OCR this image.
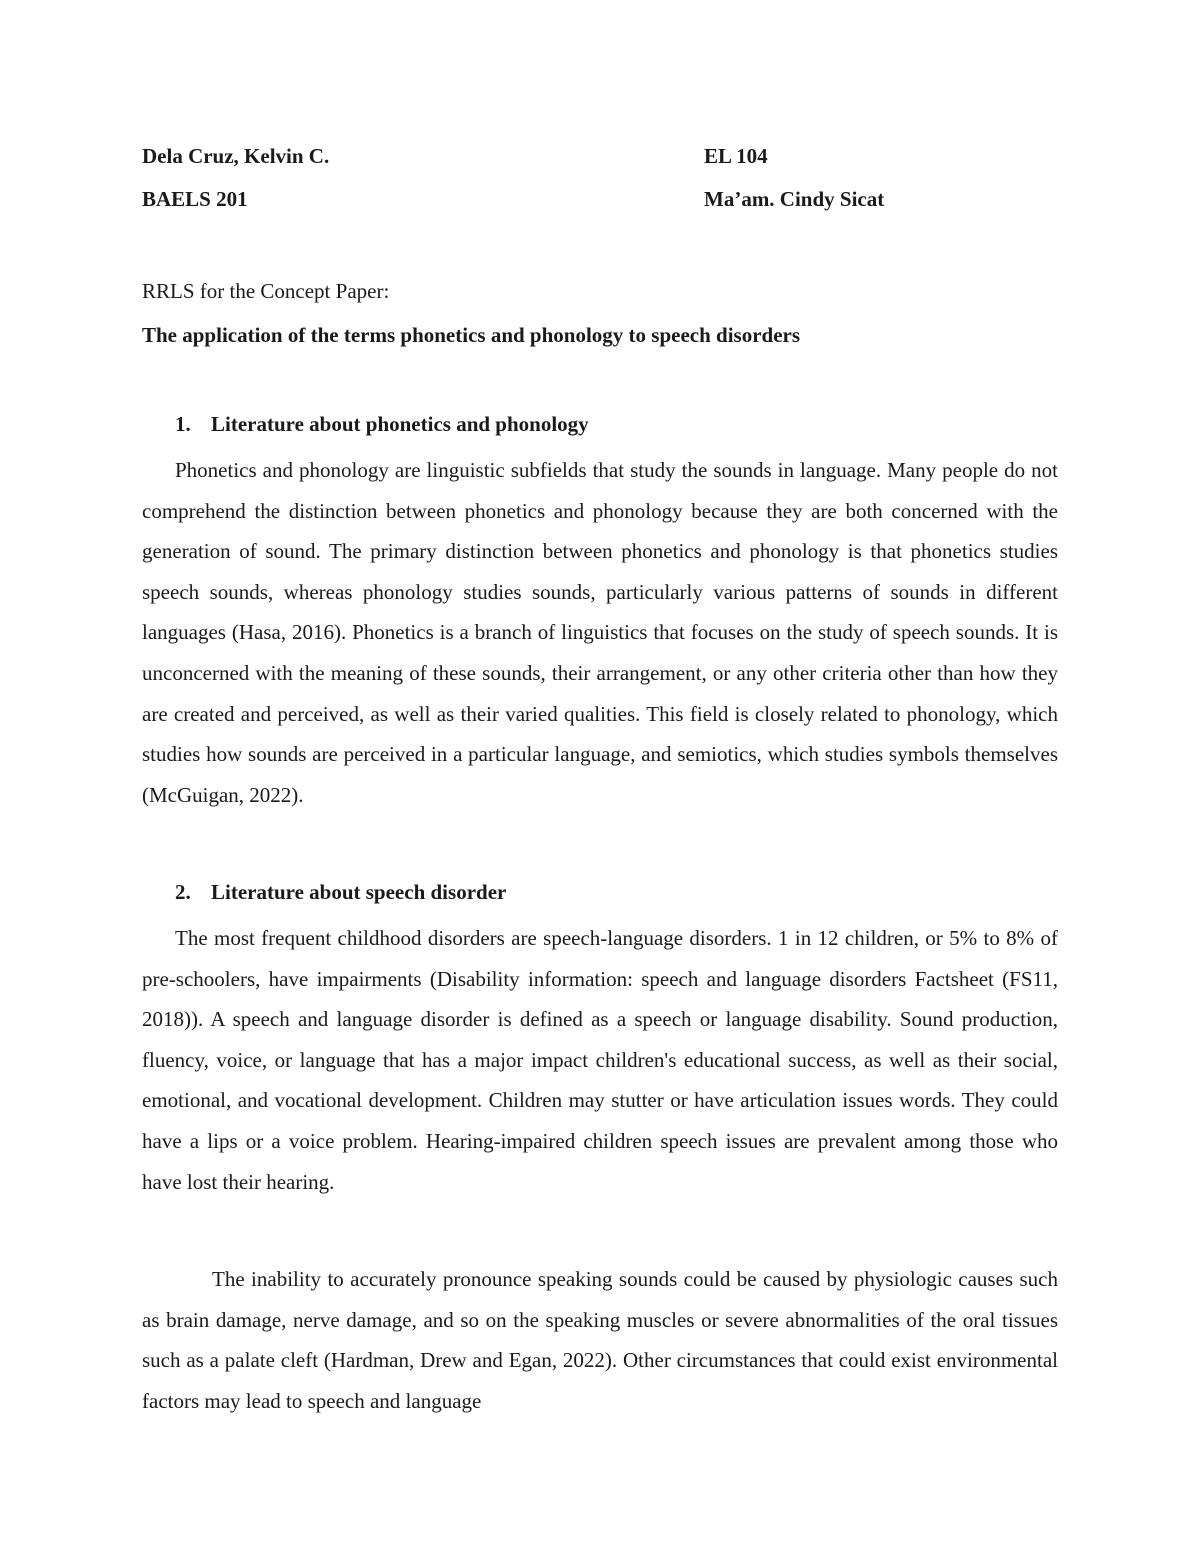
Dela Cruz, Kelvin C.	EL 104
BAELS 201	Ma’am. Cindy Sicat
RRLS for the Concept Paper:
The application of the terms phonetics and phonology to speech disorders
1. Literature about phonetics and phonology

Phonetics and phonology are linguistic subfields that study the sounds in language. Many people do not comprehend the distinction between phonetics and phonology because they are both concerned with the generation of sound. The primary distinction between phonetics and phonology is that phonetics studies speech sounds, whereas phonology studies sounds, particularly various patterns of sounds in different languages (Hasa, 2016). Phonetics is a branch of linguistics that focuses on the study of speech sounds. It is unconcerned with the meaning of these sounds, their arrangement, or any other criteria other than how they are created and perceived, as well as their varied qualities. This field is closely related to phonology, which studies how sounds are perceived in a particular language, and semiotics, which studies symbols themselves (McGuigan, 2022).

2. Literature about speech disorder

The most frequent childhood disorders are speech-language disorders. 1 in 12 children, or 5% to 8% of pre-schoolers, have impairments (Disability information: speech and language disorders Factsheet (FS11, 2018)). A speech and language disorder is defined as a speech or language disability. Sound production, fluency, voice, or language that has a major impact children's educational success, as well as their social, emotional, and vocational development. Children may stutter or have articulation issues words. They could have a lips or a voice problem. Hearing-impaired children speech issues are prevalent among those who have lost their hearing.

The inability to accurately pronounce speaking sounds could be caused by physiologic causes such as brain damage, nerve damage, and so on the speaking muscles or severe abnormalities of the oral tissues such as a palate cleft (Hardman, Drew and Egan, 2022). Other circumstances that could exist environmental factors may lead to speech and language
